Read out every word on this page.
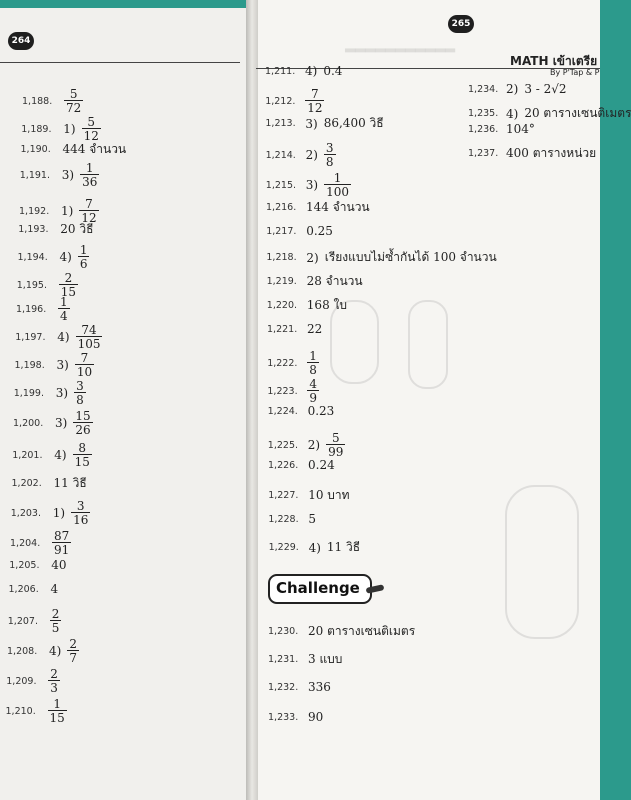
▂▂▂▂▂▂▂▂▂▂▂
264
265
MATH เข้าเตรีย
By P'Tap & P
1,188. $\frac{5}{72}$
1,189. $1) \frac{5}{12}$
1,190. 444 จำนวน
1,191. $3) \frac{1}{36}$
1,192. $1) \frac{7}{12}$
1,193. 20 วิธี
1,194. $4) \frac{1}{6}$
1,195. $\frac{2}{15}$
1,196. $\frac{1}{4}$
1,197. $4) \frac{74}{105}$
1,198. $3) \frac{7}{10}$
1,199. $3) \frac{3}{8}$
1,200. $3) \frac{15}{26}$
1,201. $4) \frac{8}{15}$
1,202. 11 วิธี
1,203. $1) \frac{3}{16}$
1,204. $\frac{87}{91}$
1,205. 40
1,206. 4
1,207. $\frac{2}{5}$
1,208. $4) \frac{2}{7}$
1,209. $\frac{2}{3}$
1,210. $\frac{1}{15}$
1,211. 4) 0.4
1,212. $\frac{7}{12}$
1,213. 3) 86,400 วิธี
1,214. $2) \frac{3}{8}$
1,215. $3) \frac{1}{100}$
1,216. 144 จำนวน
1,217. 0.25
1,218. 2) เรียงแบบไม่ซ้ำกันได้ 100 จำนวน
1,219. 28 จำนวน
1,220. 168 ใบ
1,221. 22
1,222. $\frac{1}{8}$
1,223. $\frac{4}{9}$
1,224. 0.23
1,225. $2) \frac{5}{99}$
1,226. 0.24
1,227. 10 บาท
1,228. 5
1,229. 4) 11 วิธี
1,234. 2) 3 - 2√2
1,235. 4) 20 ตารางเซนติเมตร
1,236. 104°
1,237. 400 ตารางหน่วย
Challenge
1,230. 20 ตารางเซนติเมตร
1,231. 3 แบบ
1,232. 336
1,233. 90
